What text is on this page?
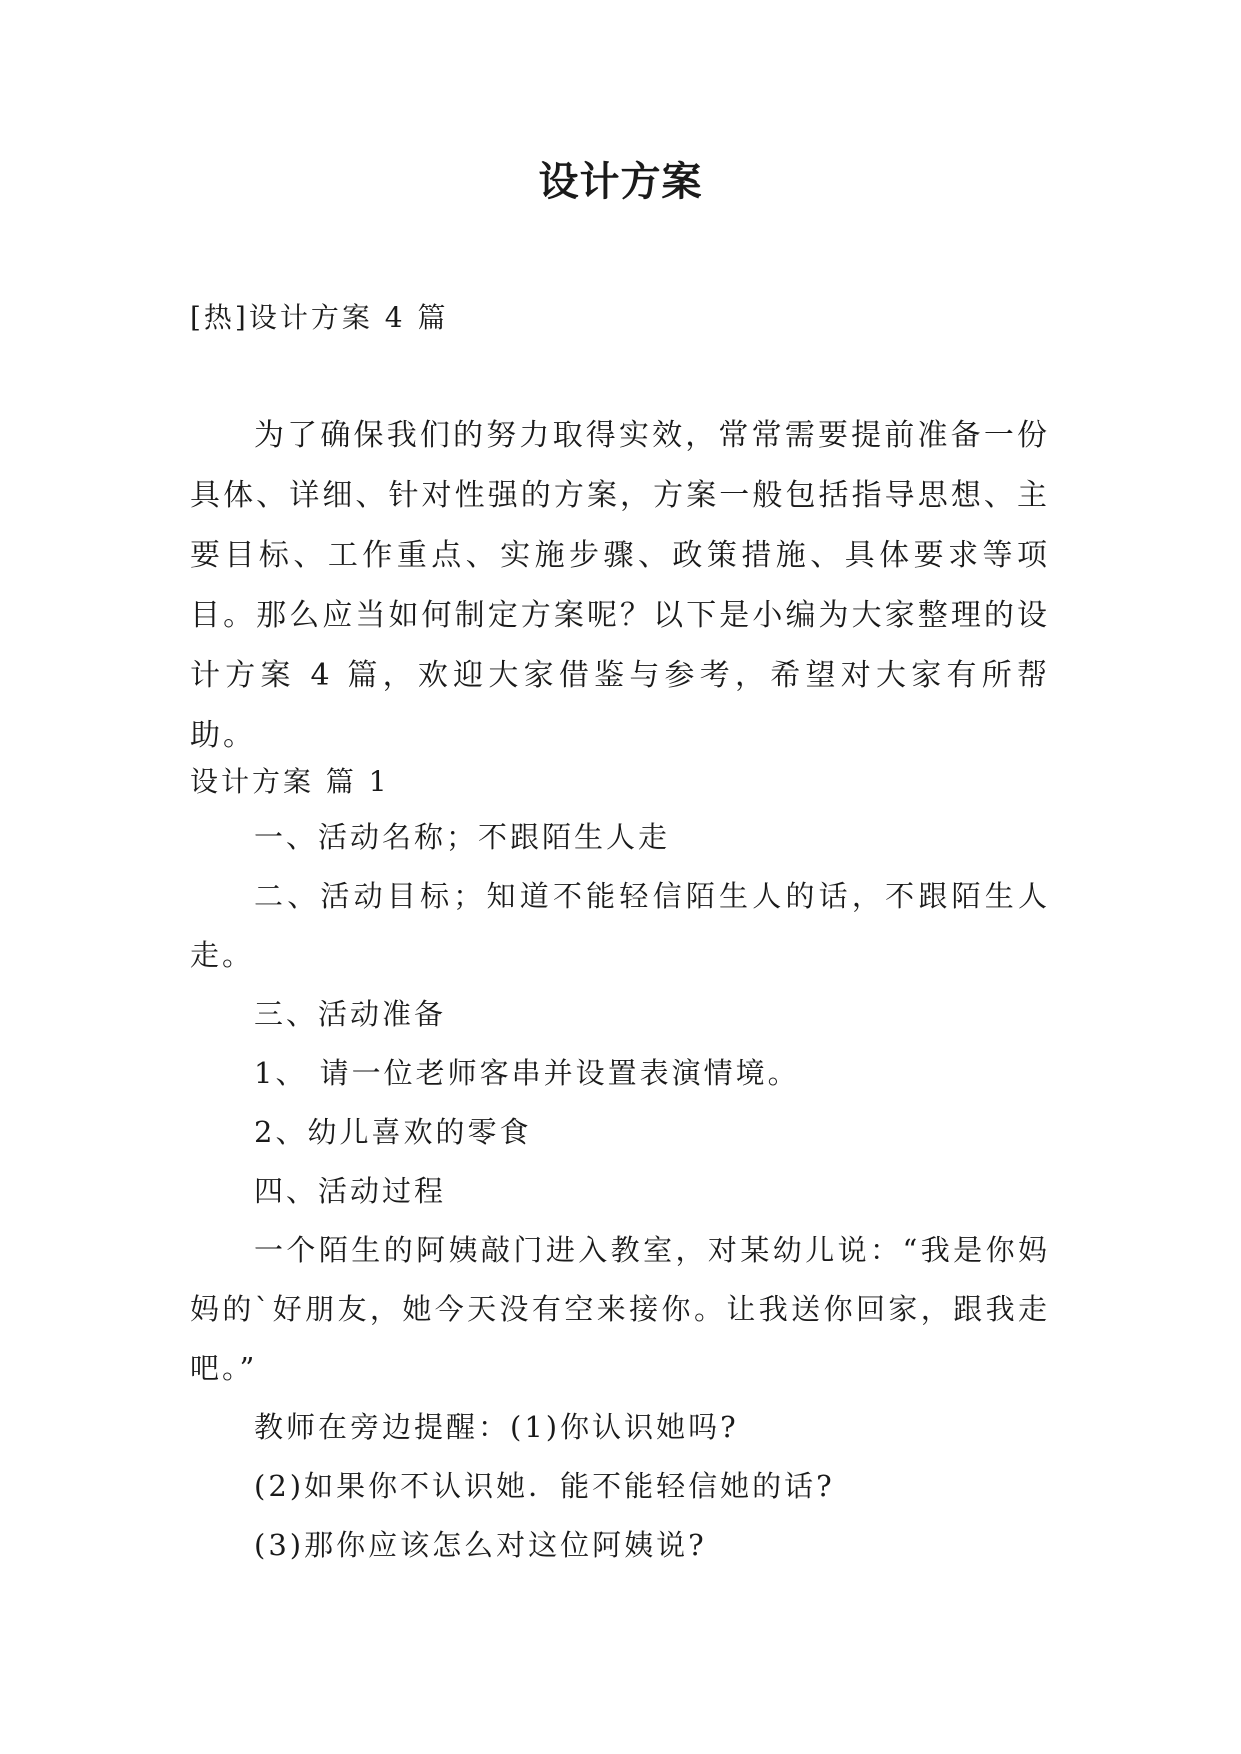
设计方案
[热]设计方案 4 篇

为了确保我们的努力取得实效，常常需要提前准备一份具体、详细、针对性强的方案，方案一般包括指导思想、主要目标、工作重点、实施步骤、政策措施、具体要求等项目。那么应当如何制定方案呢？以下是小编为大家整理的设计方案 4 篇，欢迎大家借鉴与参考，希望对大家有所帮助。

设计方案 篇 1

一、活动名称；不跟陌生人走

二、活动目标；知道不能轻信陌生人的话，不跟陌生人走。

三、活动准备

1、 请一位老师客串并设置表演情境。

2、幼儿喜欢的零食

四、活动过程

一个陌生的阿姨敲门进入教室，对某幼儿说：“我是你妈妈的`好朋友，她今天没有空来接你。让我送你回家，跟我走吧。”

教师在旁边提醒：(1)你认识她吗?

(2)如果你不认识她．能不能轻信她的话?

(3)那你应该怎么对这位阿姨说?
